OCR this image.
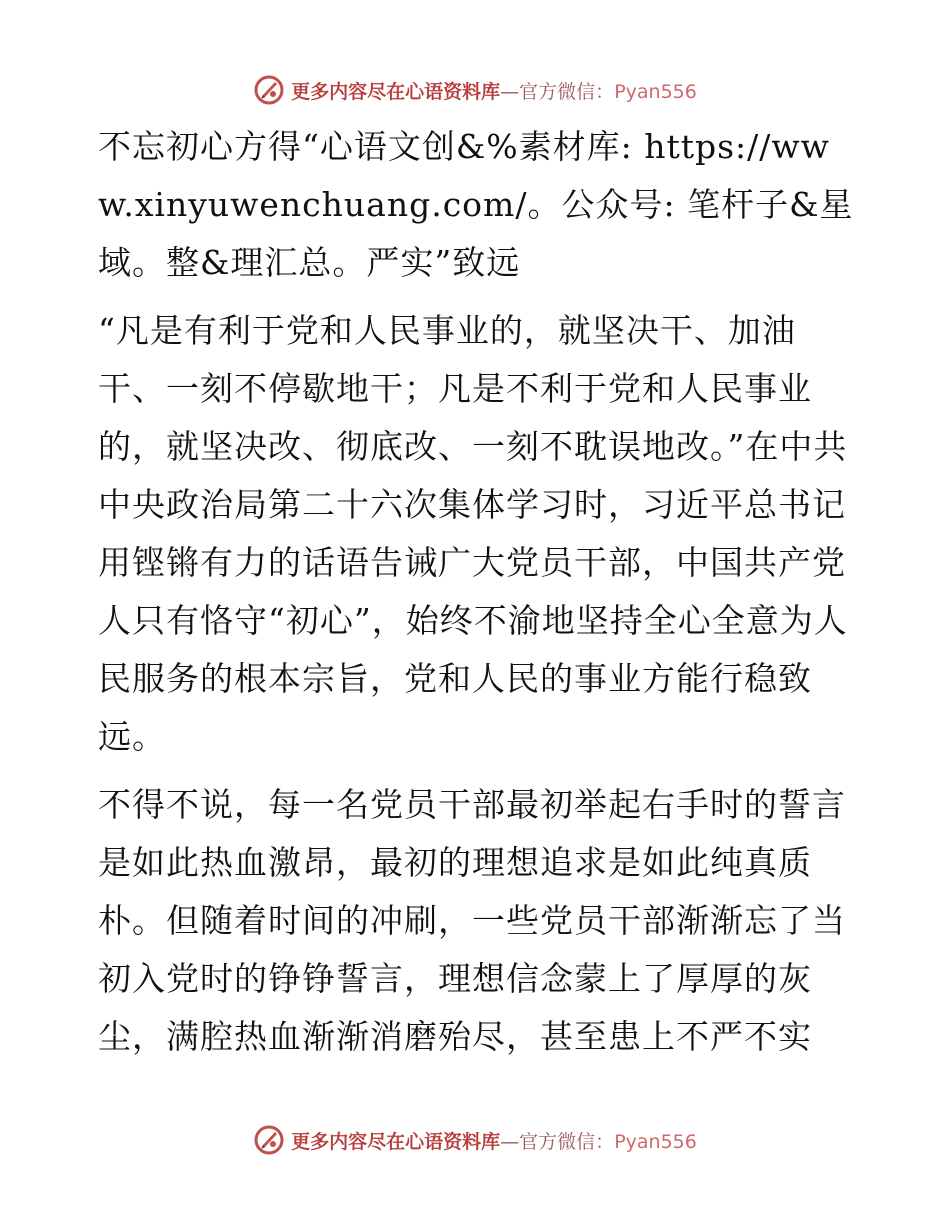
更多内容尽在心语资料库—官方微信：Pyan556

不忘初心方得“心语文创&%素材库: https://www.xinyuwenchuang.com/。公众号: 笔杆子&星域。整&理汇总。严实”致远

“凡是有利于党和人民事业的，就坚决干、加油干、一刻不停歇地干；凡是不利于党和人民事业的，就坚决改、彻底改、一刻不耽误地改。”在中共中央政治局第二十六次集体学习时，习近平总书记用铿锵有力的话语告诫广大党员干部，中国共产党人只有恪守“初心”，始终不渝地坚持全心全意为人民服务的根本宗旨，党和人民的事业方能行稳致远。

不得不说，每一名党员干部最初举起右手时的誓言是如此热血激昂，最初的理想追求是如此纯真质朴。但随着时间的冲刷，一些党员干部渐渐忘了当初入党时的铮铮誓言，理想信念蒙上了厚厚的灰尘，满腔热血渐渐消磨殆尽，甚至患上不严不实

更多内容尽在心语资料库—官方微信：Pyan556
